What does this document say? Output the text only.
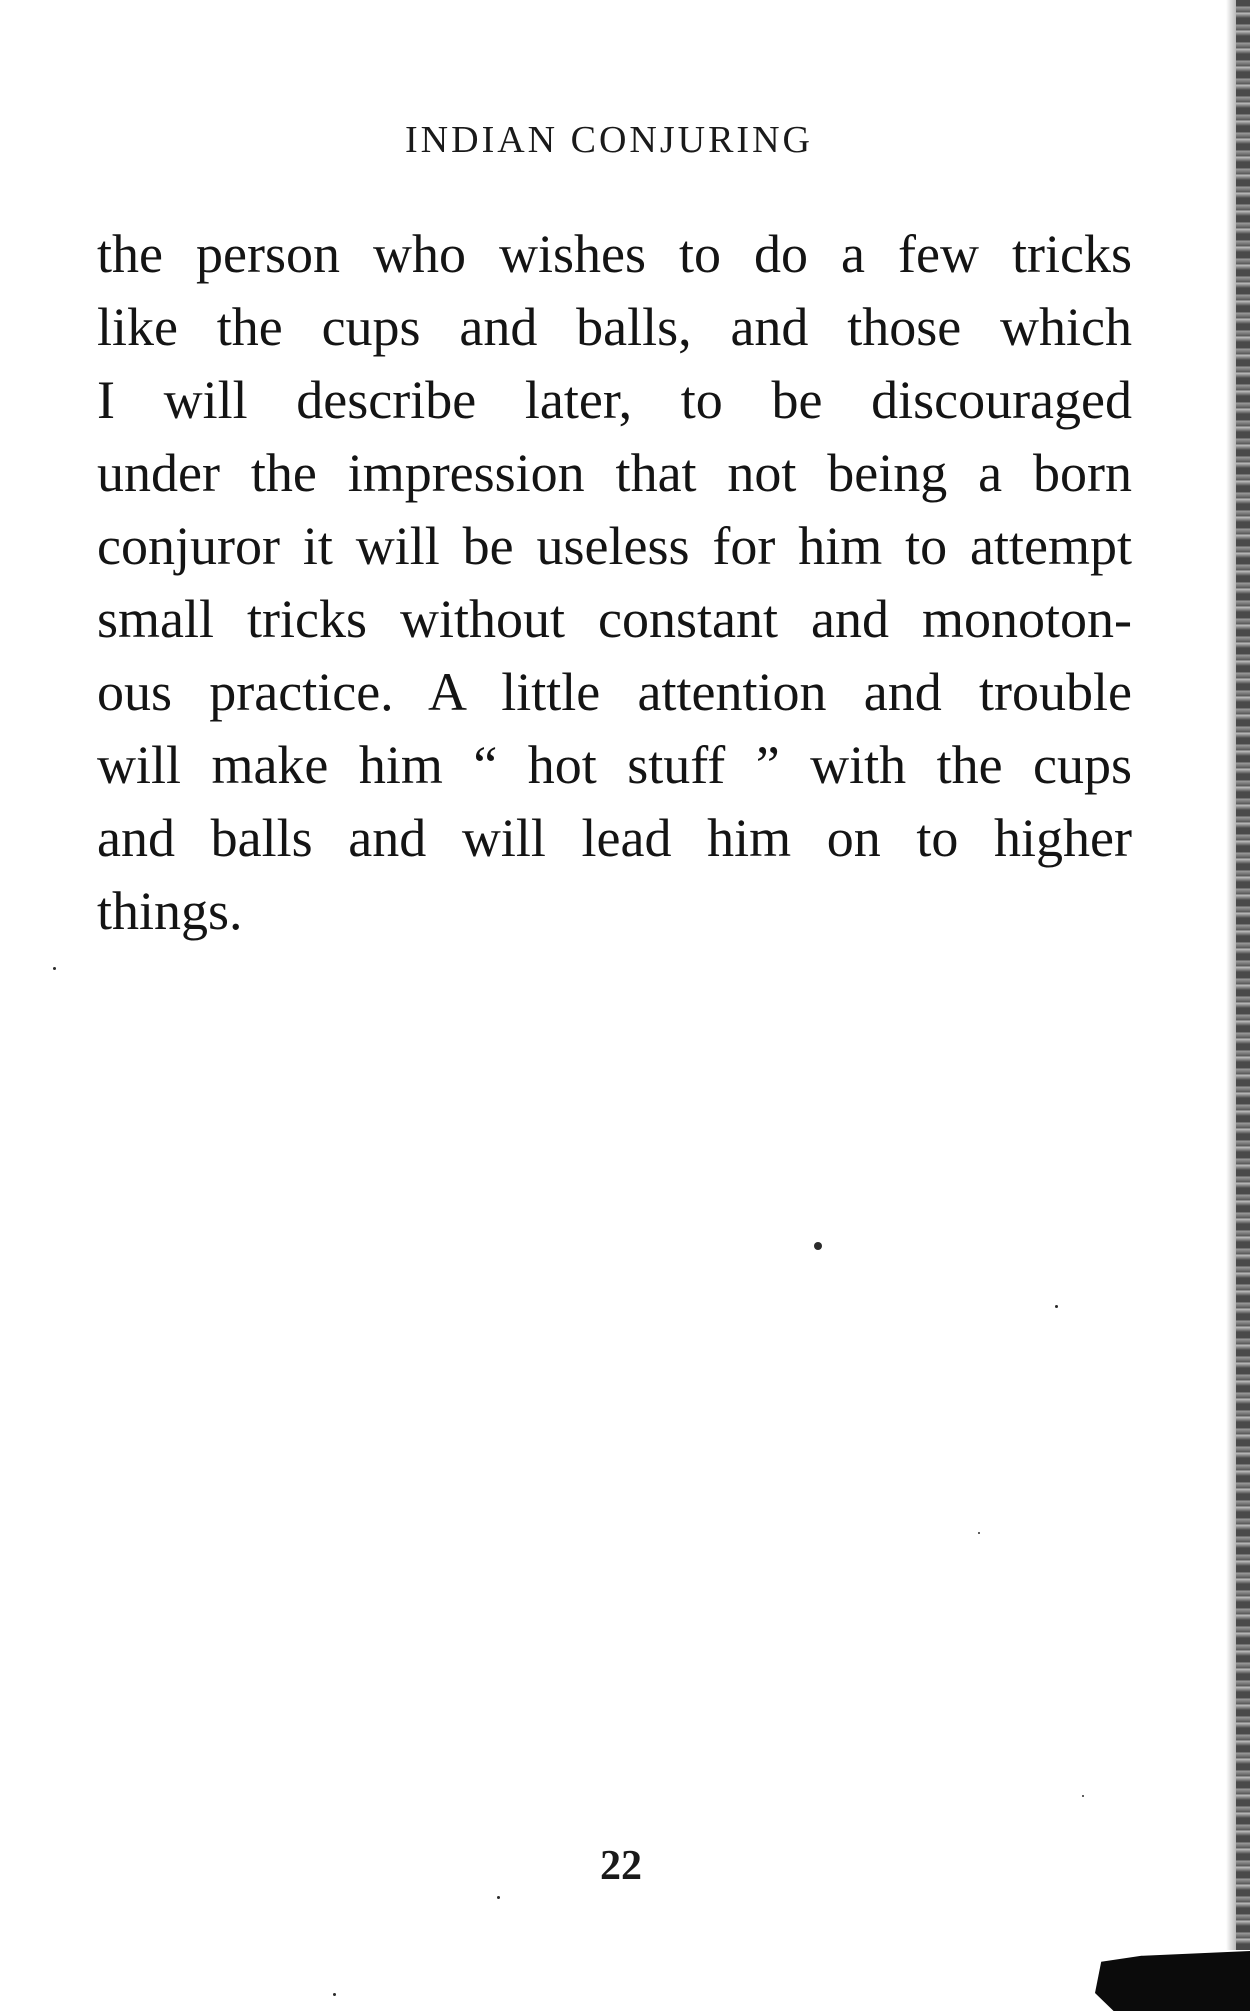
INDIAN CONJURING

the person who wishes to do a few tricks
like the cups and balls, and those which
I will describe later, to be discouraged
under the impression that not being a born
conjuror it will be useless for him to attempt
small tricks without constant and monoton-
ous practice. A little attention and trouble
will make him “ hot stuff ” with the cups
and balls and will lead him on to higher
things.

22
